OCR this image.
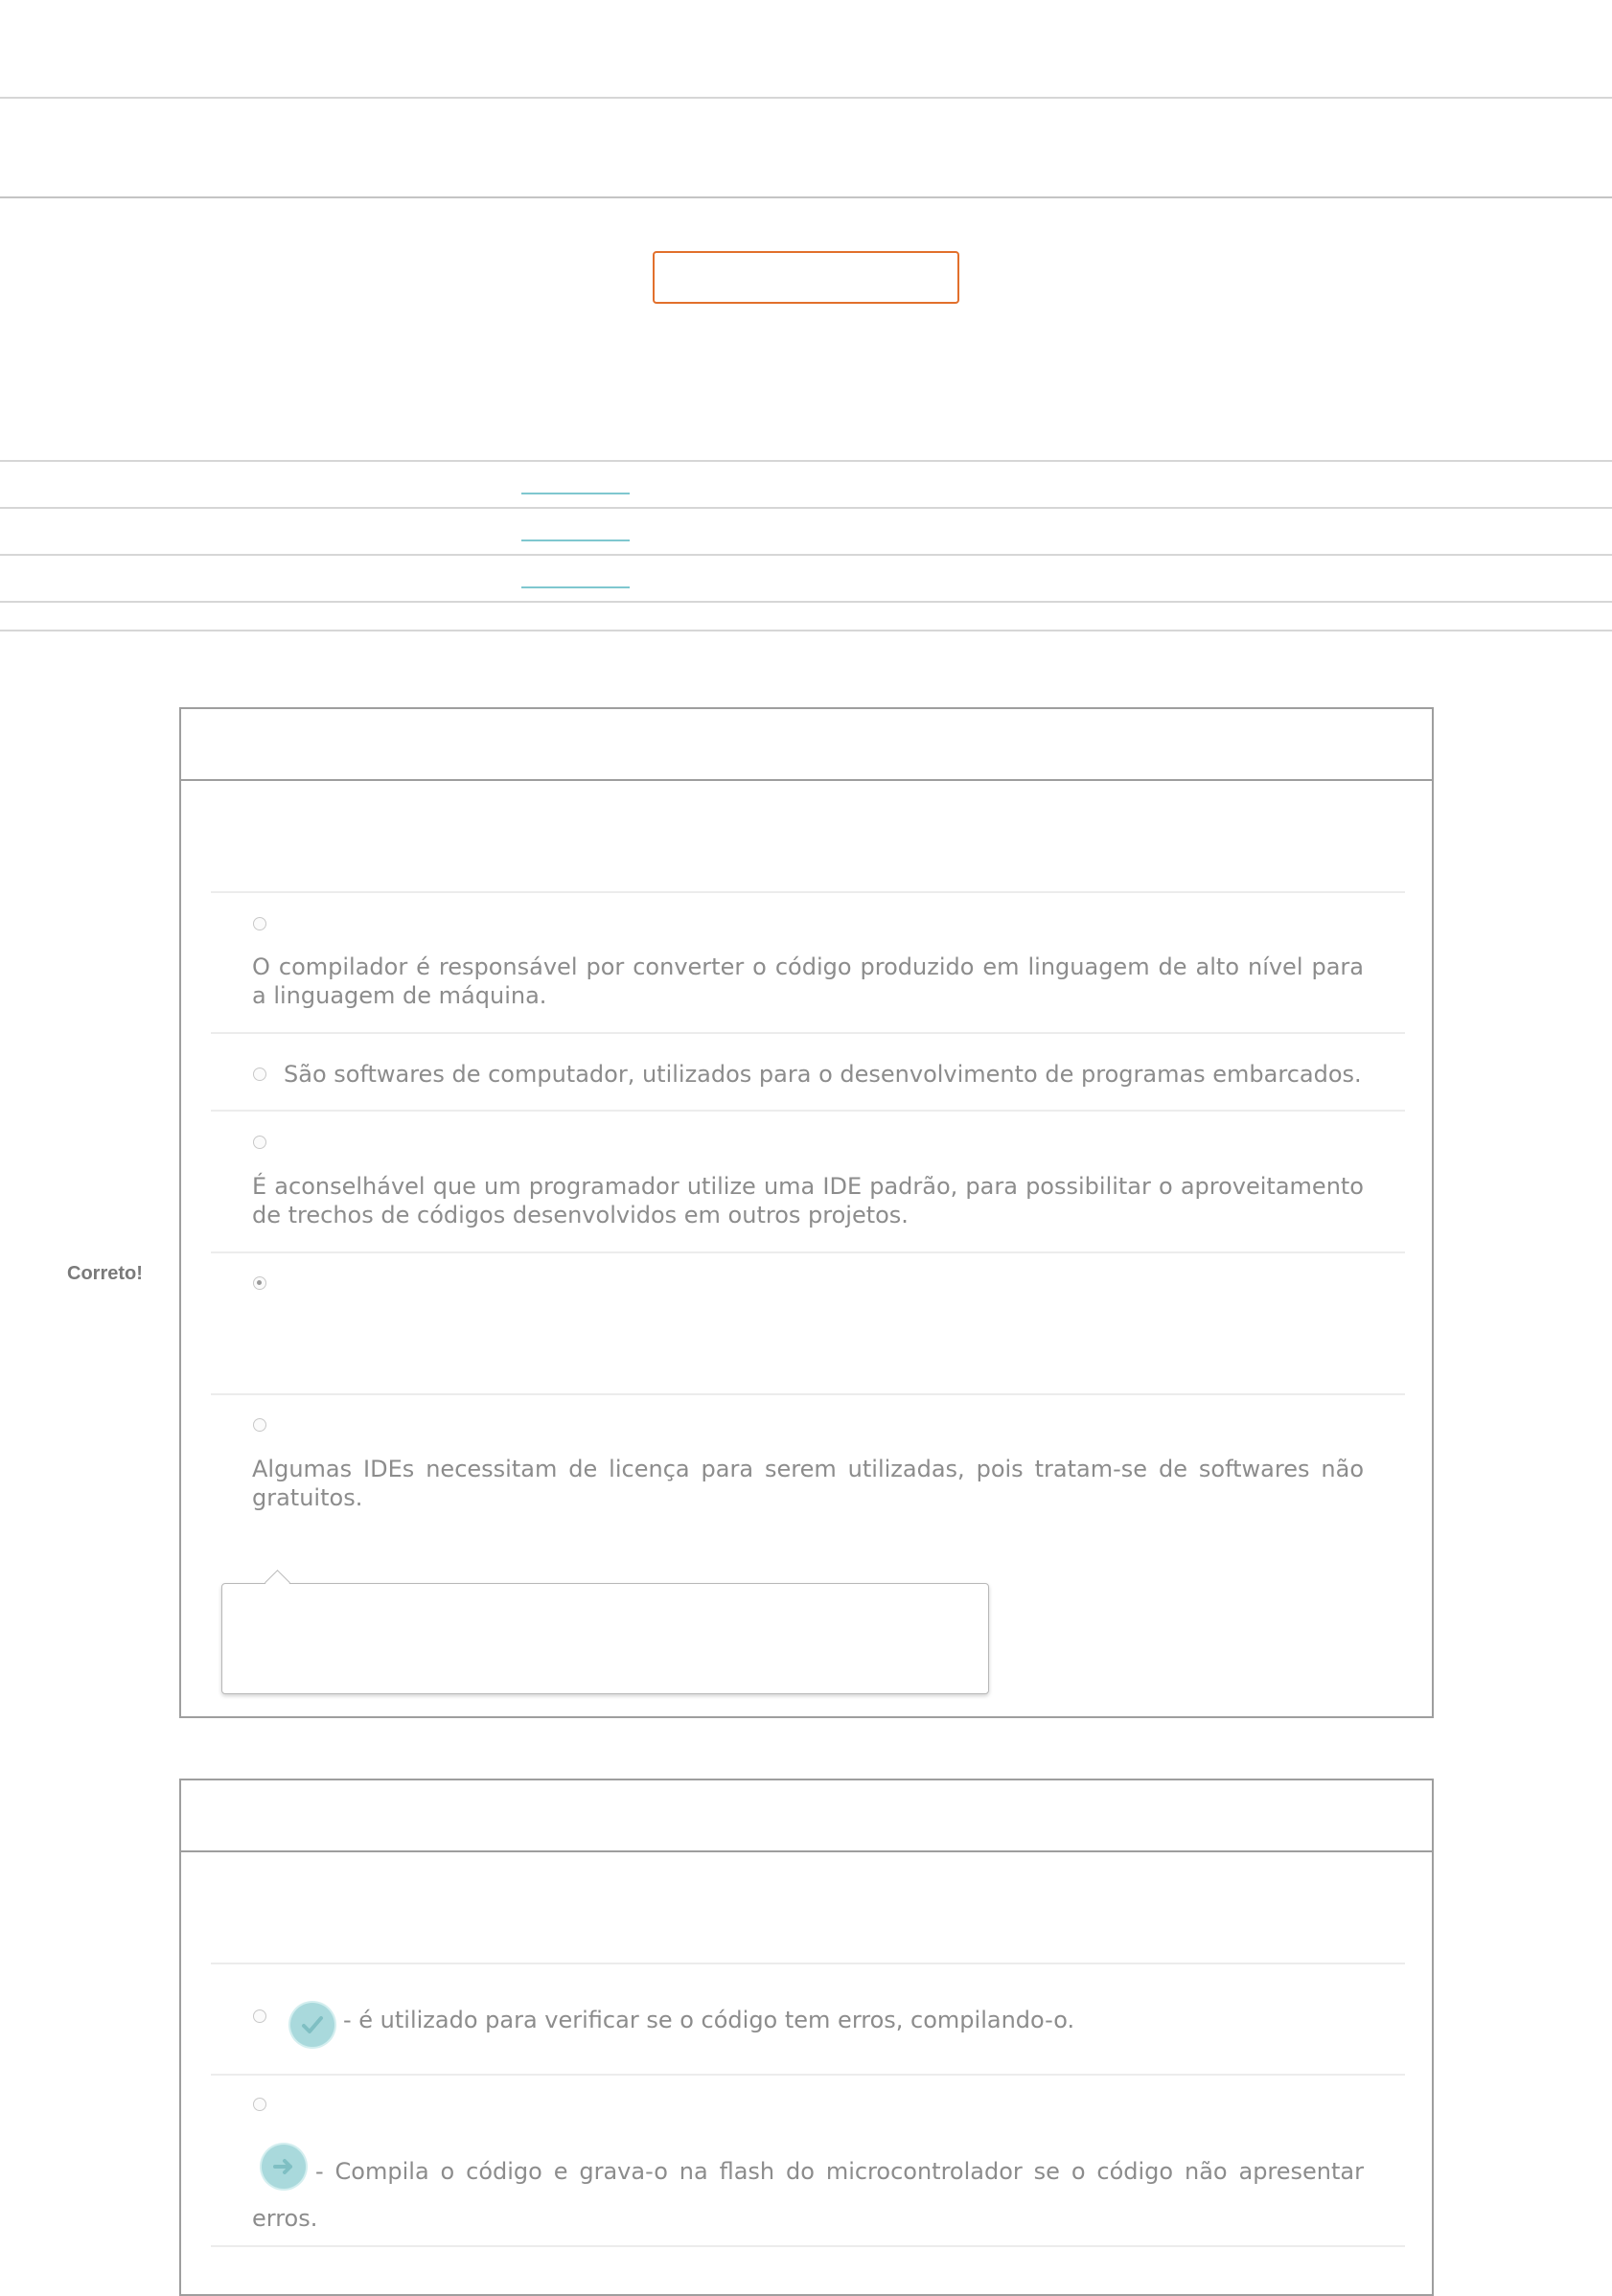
Correto!
O compilador é responsável por converter o código produzido em linguagem de alto nível para a linguagem de máquina.
São softwares de computador, utilizados para o desenvolvimento de programas embarcados.
É aconselhável que um programador utilize uma IDE padrão, para possibilitar o aproveitamento de trechos de códigos desenvolvidos em outros projetos.
Algumas IDEs necessitam de licença para serem utilizadas, pois tratam-se de softwares não gratuitos.
- é utilizado para verificar se o código tem erros, compilando-o.
- Compila o código e grava-o na flash do microcontrolador se o código não apresentar erros.
